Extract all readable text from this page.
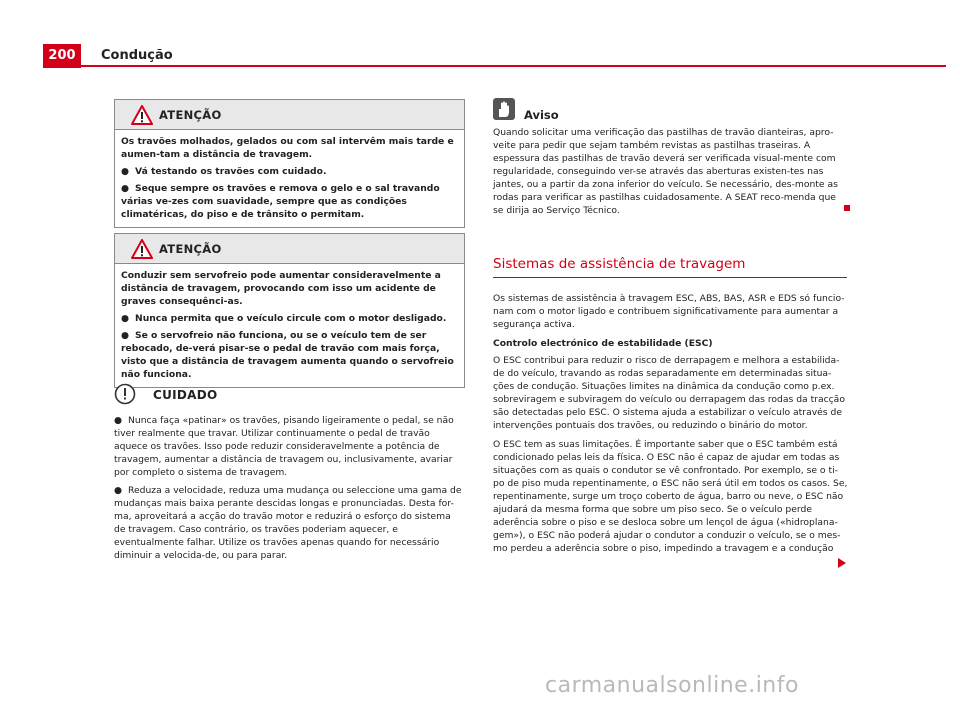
200	Condução
ATENÇÃO

Os travões molhados, gelados ou com sal intervêm mais tarde e aumen-tam a distância de travagem.

● Vá testando os travões com cuidado.

● Seque sempre os travões e remova o gelo e o sal travando várias ve-zes com suavidade, sempre que as condições climatéricas, do piso e de trânsito o permitam.

ATENÇÃO

Conduzir sem servofreio pode aumentar consideravelmente a distância de travagem, provocando com isso um acidente de graves consequênci-as.

● Nunca permita que o veículo circule com o motor desligado.

● Se o servofreio não funciona, ou se o veículo tem de ser rebocado, de-verá pisar-se o pedal de travão com mais força, visto que a distância de travagem aumenta quando o servofreio não funciona.

CUIDADO

● Nunca faça «patinar» os travões, pisando ligeiramente o pedal, se não tiver realmente que travar. Utilizar continuamente o pedal de travão aquece os travões. Isso pode reduzir consideravelmente a potência de travagem, aumentar a distância de travagem ou, inclusivamente, avariar por completo o sistema de travagem.

● Reduza a velocidade, reduza uma mudança ou seleccione uma gama de mudanças mais baixa perante descidas longas e pronunciadas. Desta for-ma, aproveitará a acção do travão motor e reduzirá o esforço do sistema de travagem. Caso contrário, os travões poderiam aquecer, e eventualmente falhar. Utilize os travões apenas quando for necessário diminuir a velocida-de, ou para parar.

Aviso
Quando solicitar uma verificação das pastilhas de travão dianteiras, apro-veite para pedir que sejam também revistas as pastilhas traseiras. A espessura das pastilhas de travão deverá ser verificada visual-mente com regularidade, conseguindo ver-se através das aberturas existen-tes nas jantes, ou a partir da zona inferior do veículo. Se necessário, des-monte as rodas para verificar as pastilhas cuidadosamente. A SEAT reco-menda que se dirija ao Serviço Técnico.
Sistemas de assistência de travagem

Os sistemas de assistência à travagem ESC, ABS, BAS, ASR e EDS só funcio-nam com o motor ligado e contribuem significativamente para aumentar a segurança activa.

Controlo electrónico de estabilidade (ESC)

O ESC contribui para reduzir o risco de derrapagem e melhora a estabilida-de do veículo, travando as rodas separadamente em determinadas situa-ções de condução. Situações limites na dinâmica da condução como p.ex. sobreviragem e subviragem do veículo ou derrapagem das rodas da tracção são detectadas pelo ESC. O sistema ajuda a estabilizar o veículo através de intervenções pontuais dos travões, ou reduzindo o binário do motor.

O ESC tem as suas limitações. É importante saber que o ESC também está condicionado pelas leis da física. O ESC não é capaz de ajudar em todas as situações com as quais o condutor se vê confrontado. Por exemplo, se o ti-po de piso muda repentinamente, o ESC não será útil em todos os casos. Se, repentinamente, surge um troço coberto de água, barro ou neve, o ESC não ajudará da mesma forma que sobre um piso seco. Se o veículo perde aderência sobre o piso e se desloca sobre um lençol de água («hidroplana-gem»), o ESC não poderá ajudar o condutor a conduzir o veículo, se o mes-mo perdeu a aderência sobre o piso, impedindo a travagem e a condução

carmanualsonline.info
